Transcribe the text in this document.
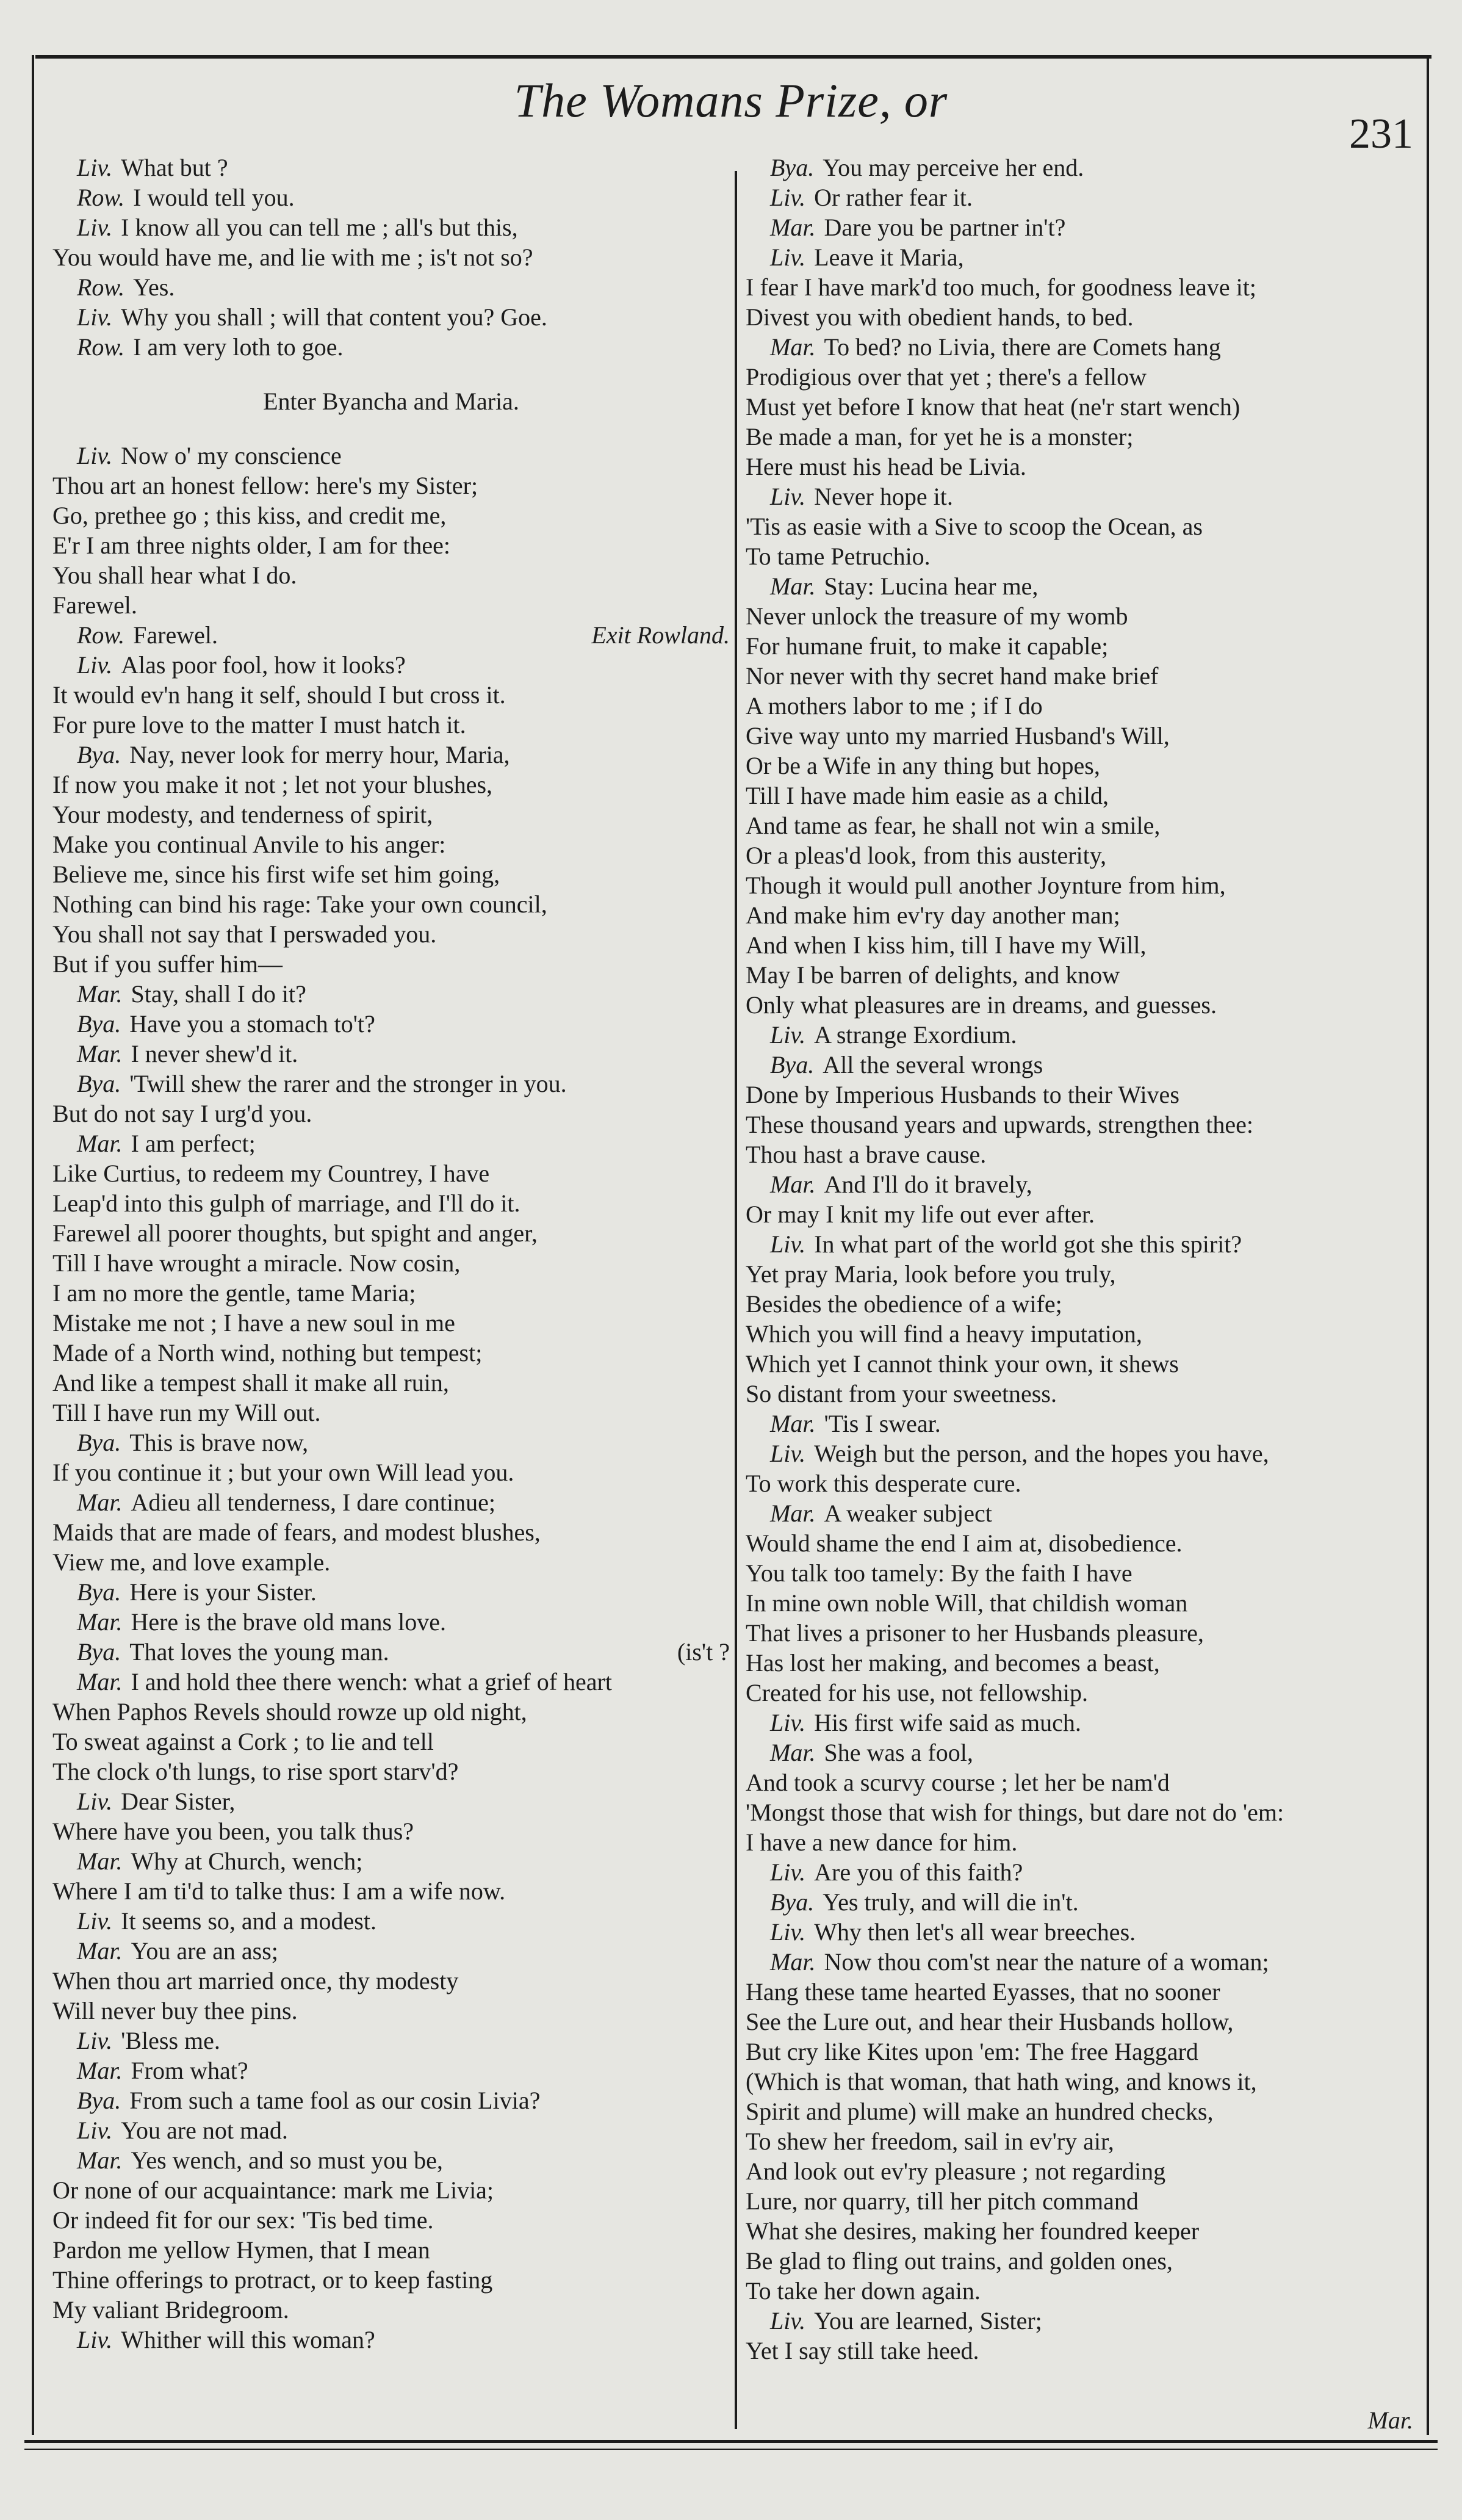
The Womans Prize, or
231
Liv. What but ?
Row. I would tell you.
Liv. I know all you can tell me ; all's but this,
You would have me, and lie with me ; is't not so?
Row. Yes.
Liv. Why you shall ; will that content you? Goe.
Row. I am very loth to goe.
Enter Byancha and Maria.
Liv. Now o' my conscience
Thou art an honest fellow: here's my Sister;
Go, prethee go ; this kiss, and credit me,
E'r I am three nights older, I am for thee:
You shall hear what I do.
Farewel.
Row.	Exit Rowland.
Farewel.
Liv. Alas poor fool, how it looks?
It would ev'n hang it self, should I but cross it.
For pure love to the matter I must hatch it.
Bya. Nay, never look for merry hour, Maria,
If now you make it not ; let not your blushes,
Your modesty, and tenderness of spirit,
Make you continual Anvile to his anger:
Believe me, since his first wife set him going,
Nothing can bind his rage: Take your own council,
You shall not say that I perswaded you.
But if you suffer him—
Mar. Stay, shall I do it?
Bya. Have you a stomach to't?
Mar. I never shew'd it.
Bya. 'Twill shew the rarer and the stronger in you.
But do not say I urg'd you.
Mar. I am perfect;
Like Curtius, to redeem my Countrey, I have
Leap'd into this gulph of marriage, and I'll do it.
Farewel all poorer thoughts, but spight and anger,
Till I have wrought a miracle. Now cosin,
I am no more the gentle, tame Maria;
Mistake me not ; I have a new soul in me
Made of a North wind, nothing but tempest;
And like a tempest shall it make all ruin,
Till I have run my Will out.
Bya. This is brave now,
If you continue it ; but your own Will lead you.
Mar. Adieu all tenderness, I dare continue;
Maids that are made of fears, and modest blushes,
View me, and love example.
Bya. Here is your Sister.
Mar. Here is the brave old mans love.
Bya.	(is't ?
That loves the young man.
Mar. I and hold thee there wench: what a grief of heart
When Paphos Revels should rowze up old night,
To sweat against a Cork ; to lie and tell
The clock o'th lungs, to rise sport starv'd?
Liv. Dear Sister,
Where have you been, you talk thus?
Mar. Why at Church, wench;
Where I am ti'd to talke thus: I am a wife now.
Liv. It seems so, and a modest.
Mar. You are an ass;
When thou art married once, thy modesty
Will never buy thee pins.
Liv. 'Bless me.
Mar. From what?
Bya. From such a tame fool as our cosin Livia?
Liv. You are not mad.
Mar. Yes wench, and so must you be,
Or none of our acquaintance: mark me Livia;
Or indeed fit for our sex: 'Tis bed time.
Pardon me yellow Hymen, that I mean
Thine offerings to protract, or to keep fasting
My valiant Bridegroom.
Liv. Whither will this woman?
Bya. You may perceive her end.
Liv. Or rather fear it.
Mar. Dare you be partner in't?
Liv. Leave it Maria,
I fear I have mark'd too much, for goodness leave it;
Divest you with obedient hands, to bed.
Mar. To bed? no Livia, there are Comets hang
Prodigious over that yet ; there's a fellow
Must yet before I know that heat (ne'r start wench)
Be made a man, for yet he is a monster;
Here must his head be Livia.
Liv. Never hope it.
'Tis as easie with a Sive to scoop the Ocean, as
To tame Petruchio.
Mar. Stay: Lucina hear me,
Never unlock the treasure of my womb
For humane fruit, to make it capable;
Nor never with thy secret hand make brief
A mothers labor to me ; if I do
Give way unto my married Husband's Will,
Or be a Wife in any thing but hopes,
Till I have made him easie as a child,
And tame as fear, he shall not win a smile,
Or a pleas'd look, from this austerity,
Though it would pull another Joynture from him,
And make him ev'ry day another man;
And when I kiss him, till I have my Will,
May I be barren of delights, and know
Only what pleasures are in dreams, and guesses.
Liv. A strange Exordium.
Bya. All the several wrongs
Done by Imperious Husbands to their Wives
These thousand years and upwards, strengthen thee:
Thou hast a brave cause.
Mar. And I'll do it bravely,
Or may I knit my life out ever after.
Liv. In what part of the world got she this spirit?
Yet pray Maria, look before you truly,
Besides the obedience of a wife;
Which you will find a heavy imputation,
Which yet I cannot think your own, it shews
So distant from your sweetness.
Mar. 'Tis I swear.
Liv. Weigh but the person, and the hopes you have,
To work this desperate cure.
Mar. A weaker subject
Would shame the end I aim at, disobedience.
You talk too tamely: By the faith I have
In mine own noble Will, that childish woman
That lives a prisoner to her Husbands pleasure,
Has lost her making, and becomes a beast,
Created for his use, not fellowship.
Liv. His first wife said as much.
Mar. She was a fool,
And took a scurvy course ; let her be nam'd
'Mongst those that wish for things, but dare not do 'em:
I have a new dance for him.
Liv. Are you of this faith?
Bya. Yes truly, and will die in't.
Liv. Why then let's all wear breeches.
Mar. Now thou com'st near the nature of a woman;
Hang these tame hearted Eyasses, that no sooner
See the Lure out, and hear their Husbands hollow,
But cry like Kites upon 'em: The free Haggard
(Which is that woman, that hath wing, and knows it,
Spirit and plume) will make an hundred checks,
To shew her freedom, sail in ev'ry air,
And look out ev'ry pleasure ; not regarding
Lure, nor quarry, till her pitch command
What she desires, making her foundred keeper
Be glad to fling out trains, and golden ones,
To take her down again.
Liv. You are learned, Sister;
Yet I say still take heed.
Mar.
